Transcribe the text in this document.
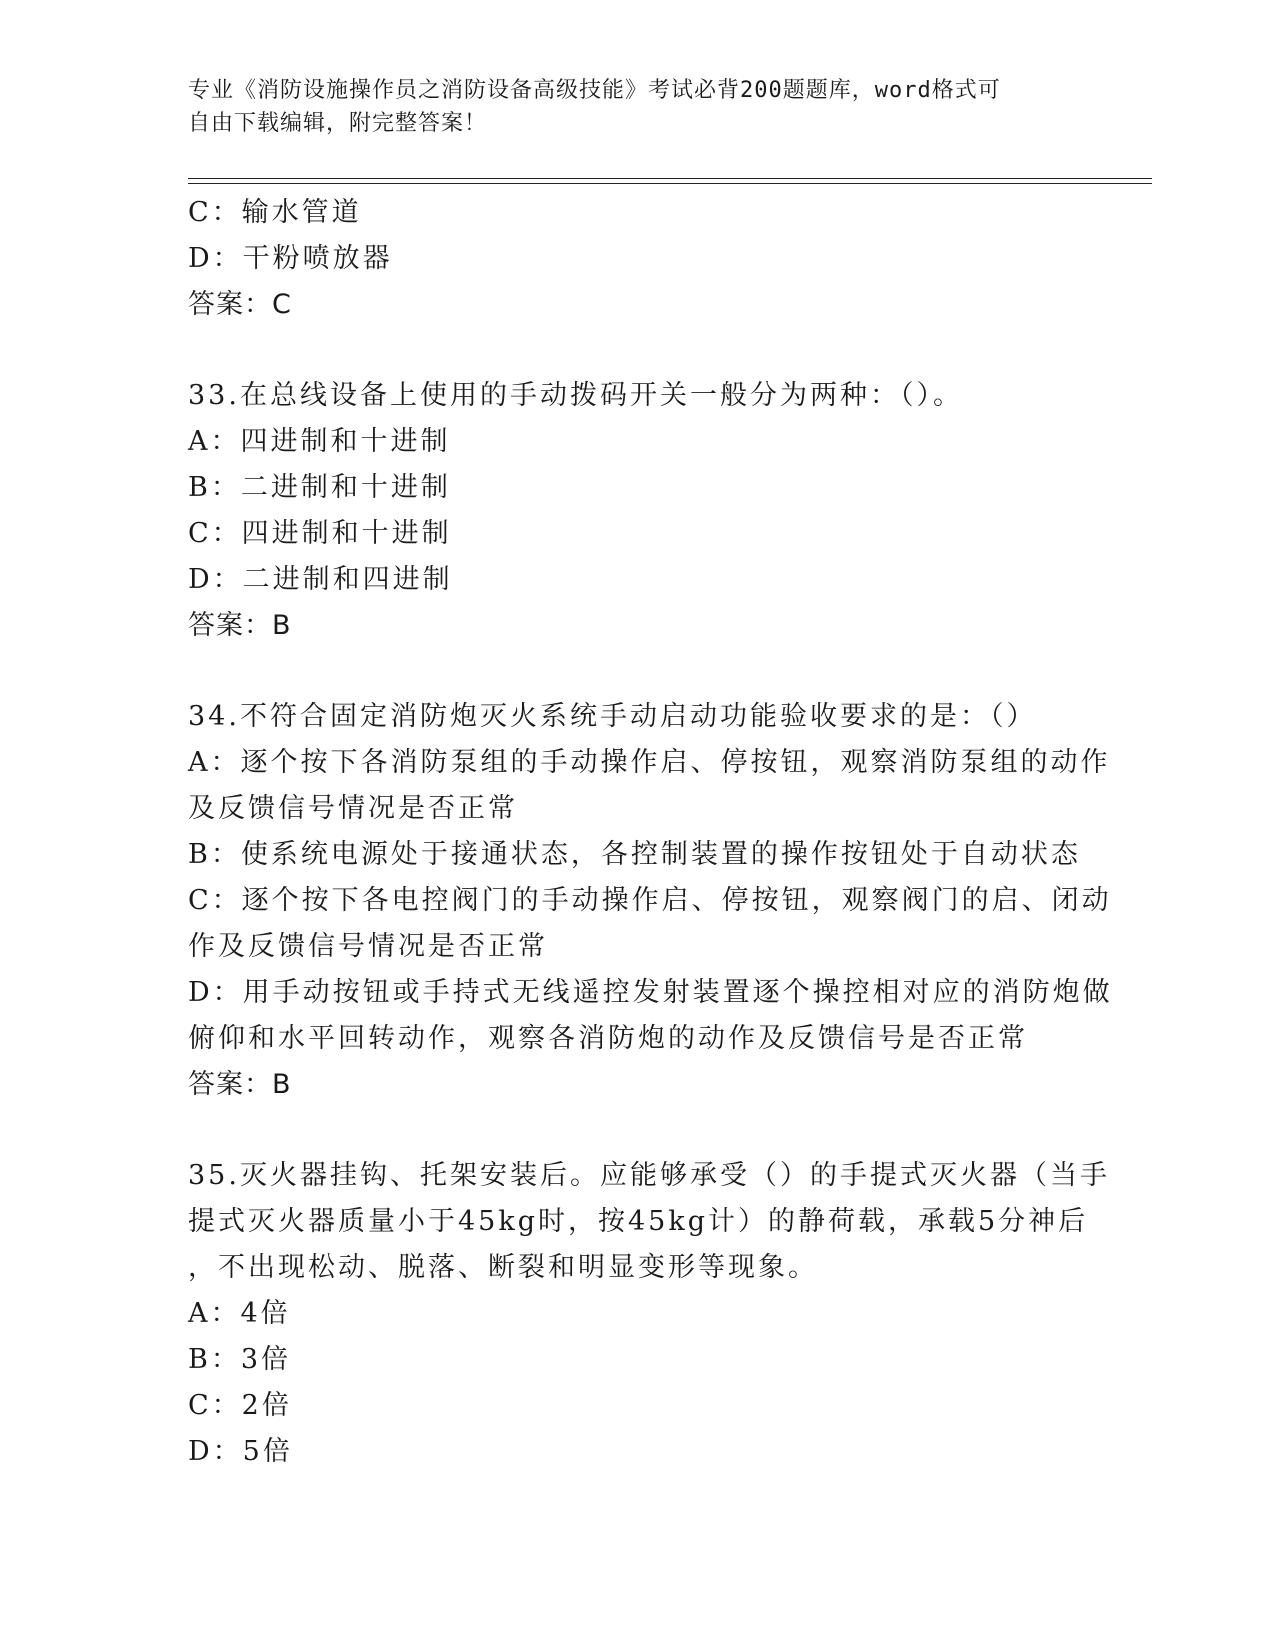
专业《消防设施操作员之消防设备高级技能》考试必背200题题库，word格式可
自由下载编辑，附完整答案！
C：输水管道
D：干粉喷放器
答案：C
33.在总线设备上使用的手动拨码开关一般分为两种：（）。
A：四进制和十进制
B：二进制和十进制
C：四进制和十进制
D：二进制和四进制
答案：B
34.不符合固定消防炮灭火系统手动启动功能验收要求的是：（）
A：逐个按下各消防泵组的手动操作启、停按钮，观察消防泵组的动作
及反馈信号情况是否正常
B：使系统电源处于接通状态，各控制装置的操作按钮处于自动状态
C：逐个按下各电控阀门的手动操作启、停按钮，观察阀门的启、闭动
作及反馈信号情况是否正常
D：用手动按钮或手持式无线遥控发射装置逐个操控相对应的消防炮做
俯仰和水平回转动作，观察各消防炮的动作及反馈信号是否正常
答案：B
35.灭火器挂钩、托架安装后。应能够承受（）的手提式灭火器（当手
提式灭火器质量小于45kg时，按45kg计）的静荷载，承载5分神后
，不出现松动、脱落、断裂和明显变形等现象。
A：4倍
B：3倍
C：2倍
D：5倍
